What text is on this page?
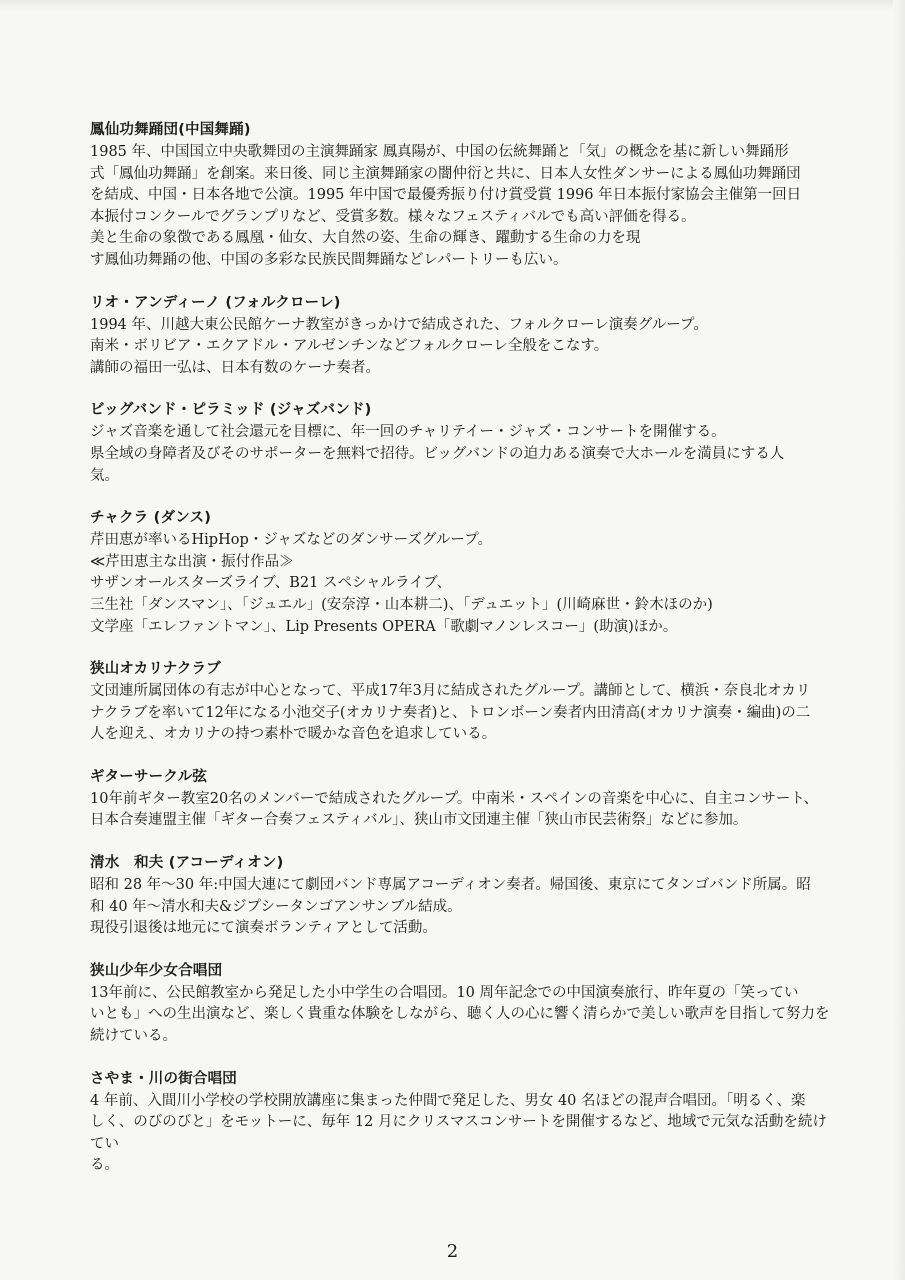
鳳仙功舞踊団(中国舞踊)

1985 年、中国国立中央歌舞団の主演舞踊家 鳳真陽が、中国の伝統舞踊と「気」の概念を基に新しい舞踊形
式「鳳仙功舞踊」を創案。来日後、同じ主演舞踊家の闇仲衍と共に、日本人女性ダンサーによる鳳仙功舞踊団
を結成、中国・日本各地で公演。1995 年中国で最優秀振り付け賞受賞 1996 年日本振付家協会主催第一回日
本振付コンクールでグランプリなど、受賞多数。様々なフェスティバルでも高い評価を得る。
美と生命の象徴である鳳凰・仙女、大自然の姿、生命の輝き、躍動する生命の力を現
す鳳仙功舞踊の他、中国の多彩な民族民間舞踊などレパートリーも広い。

リオ・アンディーノ (フォルクローレ)

1994 年、川越大東公民館ケーナ教室がきっかけで結成された、フォルクローレ演奏グループ。
南米・ボリビア・エクアドル・アルゼンチンなどフォルクローレ全般をこなす。
講師の福田一弘は、日本有数のケーナ奏者。

ビッグバンド・ピラミッド (ジャズバンド)

ジャズ音楽を通して社会還元を目標に、年一回のチャリテイー・ジャズ・コンサートを開催する。
県全域の身障者及びそのサポーターを無料で招待。ビッグバンドの迫力ある演奏で大ホールを満員にする人
気。

チャクラ (ダンス)

芹田恵が率いるHipHop・ジャズなどのダンサーズグループ。
≪芹田恵主な出演・振付作品≫
サザンオールスターズライブ、B21 スペシャルライブ、
三生社「ダンスマン」、「ジュエル」(安奈淳・山本耕二)、「デュエット」(川崎麻世・鈴木ほのか)
文学座「エレファントマン」、Lip Presents OPERA「歌劇マノンレスコー」(助演)ほか。

狭山オカリナクラブ

文団連所属団体の有志が中心となって、平成17年3月に結成されたグループ。講師として、横浜・奈良北オカリ
ナクラブを率いて12年になる小池交子(オカリナ奏者)と、トロンボーン奏者内田清高(オカリナ演奏・編曲)の二
人を迎え、オカリナの持つ素朴で暖かな音色を追求している。

ギターサークル弦

10年前ギター教室20名のメンバーで結成されたグループ。中南米・スペインの音楽を中心に、自主コンサート、
日本合奏連盟主催「ギター合奏フェスティバル」、狭山市文団連主催「狭山市民芸術祭」などに参加。

清水　和夫 (アコーディオン)

昭和 28 年〜30 年:中国大連にて劇団バンド専属アコーディオン奏者。帰国後、東京にてタンゴバンド所属。昭
和 40 年〜清水和夫&ジプシータンゴアンサンブル結成。
現役引退後は地元にて演奏ボランティアとして活動。

狭山少年少女合唱団

13年前に、公民館教室から発足した小中学生の合唱団。10 周年記念での中国演奏旅行、昨年夏の「笑ってい
いとも」への生出演など、楽しく貴重な体験をしながら、聴く人の心に響く清らかで美しい歌声を目指して努力を
続けている。

さやま・川の街合唱団

4 年前、入間川小学校の学校開放講座に集まった仲間で発足した、男女 40 名ほどの混声合唱団。「明るく、楽
しく、のびのびと」をモットーに、毎年 12 月にクリスマスコンサートを開催するなど、地域で元気な活動を続けてい
る。

2
